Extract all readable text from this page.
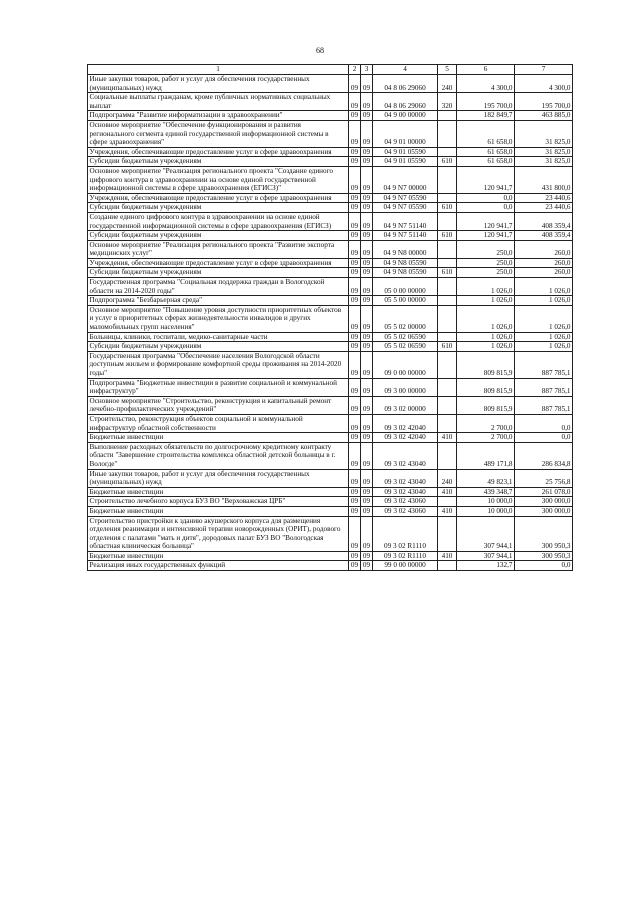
68
1	2	3	4	5	6	7
Иные закупки товаров, работ и услуг для обеспечения государственных (муниципальных) нужд	09	09	04 8 06 29060	240	4 300,0	4 300,0
Социальные выплаты гражданам, кроме публичных нормативных социальных выплат	09	09	04 8 06 29060	320	195 700,0	195 700,0
Подпрограмма "Развитие информатизации в здравоохранении"	09	09	04 9 00 00000		182 849,7	463 885,0
Основное мероприятие "Обеспечение функционирования и развития регионального сегмента единой государственной информационной системы в сфере здравоохранения"	09	09	04 9 01 00000		61 658,0	31 825,0
Учреждения, обеспечивающие предоставление услуг в сфере здравоохранения	09	09	04 9 01 05590		61 658,0	31 825,0
Субсидии бюджетным учреждениям	09	09	04 9 01 05590	610	61 658,0	31 825,0
Основное мероприятие "Реализация регионального проекта "Создание единого цифрового контура в здравоохранении на основе единой государственной информационной системы в сфере здравоохранения (ЕГИСЗ)"	09	09	04 9 N7 00000		120 941,7	431 800,0
Учреждения, обеспечивающие предоставление услуг в сфере здравоохранения	09	09	04 9 N7 05590		0,0	23 440,6
Субсидии бюджетным учреждениям	09	09	04 9 N7 05590	610	0,0	23 440,6
Создание единого цифрового контура в здравоохранении на основе единой государственной информационной системы в сфере здравоохранения (ЕГИСЗ)	09	09	04 9 N7 51140		120 941,7	408 359,4
Субсидии бюджетным учреждениям	09	09	04 9 N7 51140	610	120 941,7	408 359,4
Основное мероприятие "Реализация регионального проекта "Развитие экспорта медицинских услуг"	09	09	04 9 N8 00000		250,0	260,0
Учреждения, обеспечивающие предоставление услуг в сфере здравоохранения	09	09	04 9 N8 05590		250,0	260,0
Субсидии бюджетным учреждениям	09	09	04 9 N8 05590	610	250,0	260,0
Государственная программа "Социальная поддержка граждан в Вологодской области на 2014-2020 годы"	09	09	05 0 00 00000		1 026,0	1 026,0
Подпрограмма "Безбарьерная среда"	09	09	05 5 00 00000		1 026,0	1 026,0
Основное мероприятие "Повышение уровня доступности приоритетных объектов и услуг в приоритетных сферах жизнедеятельности инвалидов и других маломобильных групп населения"	09	09	05 5 02 00000		1 026,0	1 026,0
Больницы, клиники, госпитали, медико-санитарные части	09	09	05 5 02 06590		1 026,0	1 026,0
Субсидии бюджетным учреждениям	09	09	05 5 02 06590	610	1 026,0	1 026,0
Государственная программа "Обеспечение населения Вологодской области доступным жильем и формирование комфортной среды проживания на 2014-2020 годы"	09	09	09 0 00 00000		809 815,9	887 785,1
Подпрограмма "Бюджетные инвестиции в развитие социальной и коммунальной инфраструктур"	09	09	09 3 00 00000		809 815,9	887 785,1
Основное мероприятие "Строительство, реконструкция и капитальный ремонт лечебно-профилактических учреждений"	09	09	09 3 02 00000		809 815,9	887 785,1
Строительство, реконструкция объектов социальной и коммунальной инфраструктур областной собственности	09	09	09 3 02 42040		2 700,0	0,0
Бюджетные инвестиции	09	09	09 3 02 42040	410	2 700,0	0,0
Выполнение расходных обязательств по долгосрочному кредитному контракту области "Завершение строительства комплекса областной детской больницы в г. Вологде"	09	09	09 3 02 43040		489 171,8	286 834,8
Иные закупки товаров, работ и услуг для обеспечения государственных (муниципальных) нужд	09	09	09 3 02 43040	240	49 823,1	25 756,8
Бюджетные инвестиции	09	09	09 3 02 43040	410	439 348,7	261 078,0
Строительство лечебного корпуса БУЗ ВО "Верховажская ЦРБ"	09	09	09 3 02 43060		10 000,0	300 000,0
Бюджетные инвестиции	09	09	09 3 02 43060	410	10 000,0	300 000,0
Строительство пристройки к зданию акушерского корпуса для размещения отделения реанимации и интенсивной терапии новорожденных (ОРИТ), родового отделения с палатами "мать и дитя", дородовых палат БУЗ ВО "Вологодская областная клиническая больница"	09	09	09 3 02 R1110		307 944,1	300 950,3
Бюджетные инвестиции	09	09	09 3 02 R1110	410	307 944,1	300 950,3
Реализация иных государственных функций	09	09	99 0 00 00000		132,7	0,0
